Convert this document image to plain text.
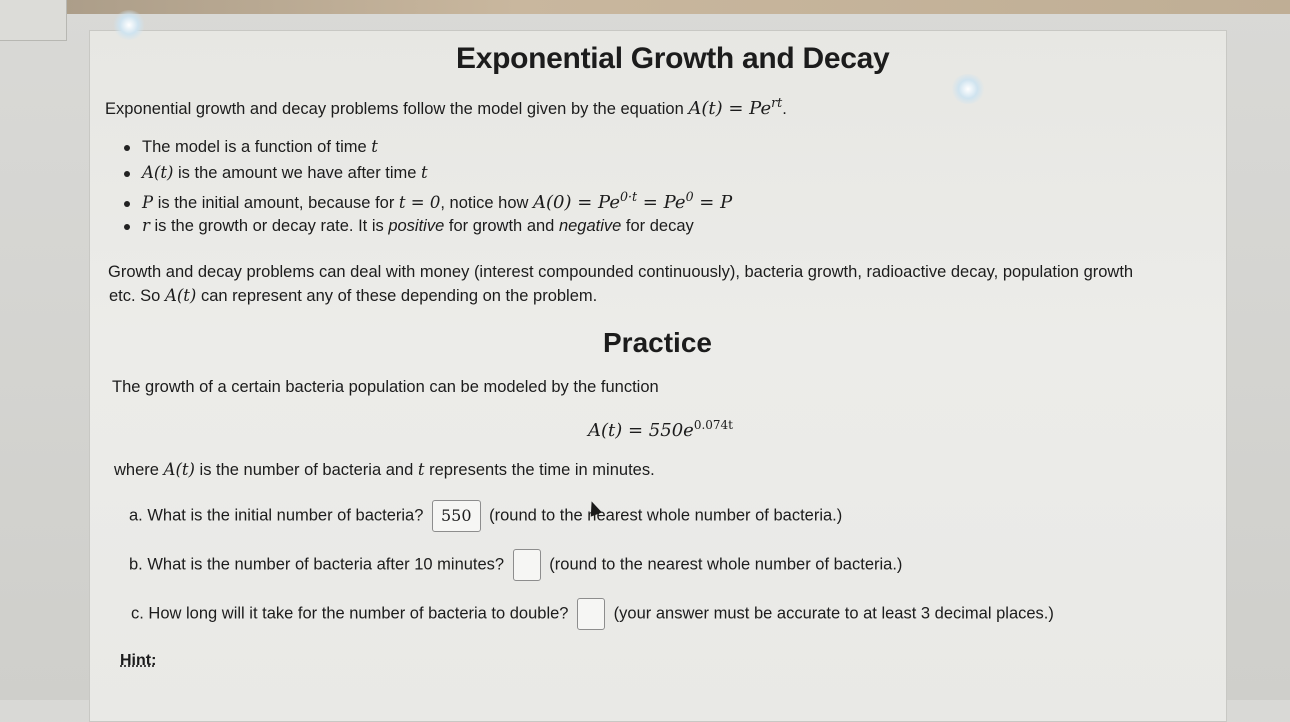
Exponential Growth and Decay
Exponential growth and decay problems follow the model given by the equation $A(t) = Pe^{rt}$.
The model is a function of time t
A(t) is the amount we have after time t
P is the initial amount, because for t = 0, notice how $A(0) = Pe^{0\cdot t} = Pe^0 = P$
r is the growth or decay rate. It is positive for growth and negative for decay
Growth and decay problems can deal with money (interest compounded continuously), bacteria growth, radioactive decay, population growth
etc. So A(t) can represent any of these depending on the problem.
Practice
The growth of a certain bacteria population can be modeled by the function
$A(t) = 550e^{0.074t}$
where A(t) is the number of bacteria and t represents the time in minutes.
a. What is the initial number of bacteria? 550 (round to the nearest whole number of bacteria.)
b. What is the number of bacteria after 10 minutes?	(round to the nearest whole number of bacteria.)
c. How long will it take for the number of bacteria to double?	(your answer must be accurate to at least 3 decimal places.)
Hint:
